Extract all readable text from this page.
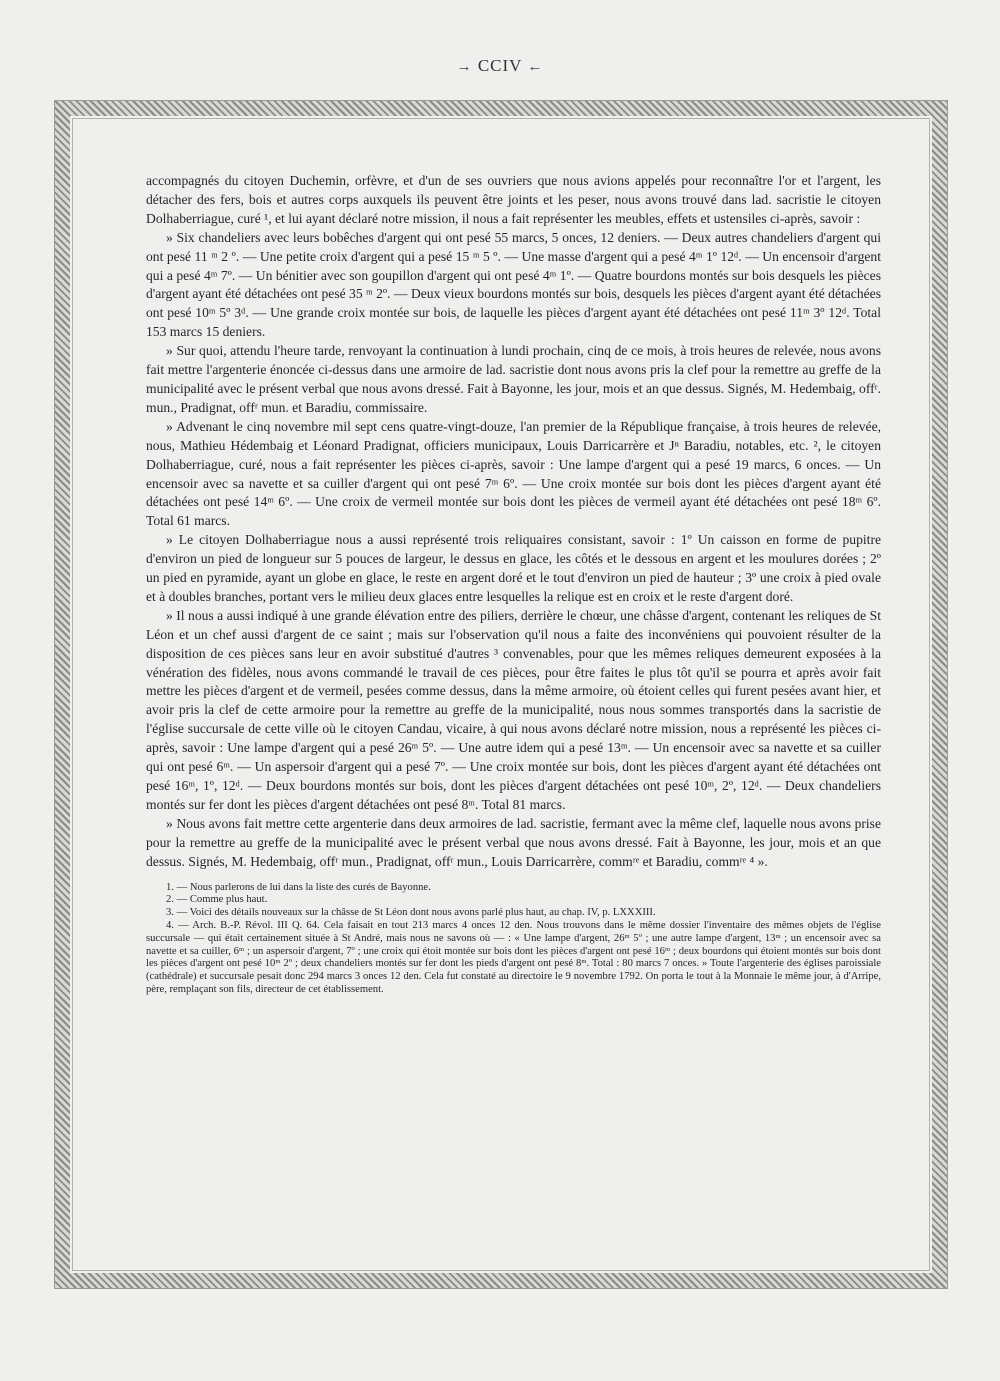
→ CCIV ←

accompagnés du citoyen Duchemin, orfèvre, et d'un de ses ouvriers que nous avions appelés pour reconnaître l'or et l'argent, les détacher des fers, bois et autres corps auxquels ils peuvent être joints et les peser, nous avons trouvé dans lad. sacristie le citoyen Dolhaberriague, curé ¹, et lui ayant déclaré notre mission, il nous a fait représenter les meubles, effets et ustensiles ci-après, savoir :

» Six chandeliers avec leurs bobêches d'argent qui ont pesé 55 marcs, 5 onces, 12 deniers. — Deux autres chandeliers d'argent qui ont pesé 11 ᵐ 2 º. — Une petite croix d'argent qui a pesé 15 ᵐ 5 º. — Une masse d'argent qui a pesé 4ᵐ 1º 12ᵈ. — Un encensoir d'argent qui a pesé 4ᵐ 7º. — Un bénitier avec son goupillon d'argent qui ont pesé 4ᵐ 1º. — Quatre bourdons montés sur bois desquels les pièces d'argent ayant été détachées ont pesé 35 ᵐ 2º. — Deux vieux bourdons montés sur bois, desquels les pièces d'argent ayant été détachées ont pesé 10ᵐ 5º 3ᵈ. — Une grande croix montée sur bois, de laquelle les pièces d'argent ayant été détachées ont pesé 11ᵐ 3º 12ᵈ. Total 153 marcs 15 deniers.

» Sur quoi, attendu l'heure tarde, renvoyant la continuation à lundi prochain, cinq de ce mois, à trois heures de relevée, nous avons fait mettre l'argenterie énoncée ci-dessus dans une armoire de lad. sacristie dont nous avons pris la clef pour la remettre au greffe de la municipalité avec le présent verbal que nous avons dressé. Fait à Bayonne, les jour, mois et an que dessus. Signés, M. Hedembaig, offʳ. mun., Pradignat, offʳ mun. et Baradiu, commissaire.

» Advenant le cinq novembre mil sept cens quatre-vingt-douze, l'an premier de la République française, à trois heures de relevée, nous, Mathieu Hédembaig et Léonard Pradignat, officiers municipaux, Louis Darricarrère et Jⁿ Baradiu, notables, etc. ², le citoyen Dolhaberriague, curé, nous a fait représenter les pièces ci-après, savoir : Une lampe d'argent qui a pesé 19 marcs, 6 onces. — Un encensoir avec sa navette et sa cuiller d'argent qui ont pesé 7ᵐ 6º. — Une croix montée sur bois dont les pièces d'argent ayant été détachées ont pesé 14ᵐ 6º. — Une croix de vermeil montée sur bois dont les pièces de vermeil ayant été détachées ont pesé 18ᵐ 6º. Total 61 marcs.

» Le citoyen Dolhaberriague nous a aussi représenté trois reliquaires consistant, savoir : 1º Un caisson en forme de pupitre d'environ un pied de longueur sur 5 pouces de largeur, le dessus en glace, les côtés et le dessous en argent et les moulures dorées ; 2º un pied en pyramide, ayant un globe en glace, le reste en argent doré et le tout d'environ un pied de hauteur ; 3º une croix à pied ovale et à doubles branches, portant vers le milieu deux glaces entre lesquelles la relique est en croix et le reste d'argent doré.

» Il nous a aussi indiqué à une grande élévation entre des piliers, derrière le chœur, une châsse d'argent, contenant les reliques de St Léon et un chef aussi d'argent de ce saint ; mais sur l'observation qu'il nous a faite des inconvéniens qui pouvoient résulter de la disposition de ces pièces sans leur en avoir substitué d'autres ³ convenables, pour que les mêmes reliques demeurent exposées à la vénération des fidèles, nous avons commandé le travail de ces pièces, pour être faites le plus tôt qu'il se pourra et après avoir fait mettre les pièces d'argent et de vermeil, pesées comme dessus, dans la même armoire, où étoient celles qui furent pesées avant hier, et avoir pris la clef de cette armoire pour la remettre au greffe de la municipalité, nous nous sommes transportés dans la sacristie de l'église succursale de cette ville où le citoyen Candau, vicaire, à qui nous avons déclaré notre mission, nous a représenté les pièces ci-après, savoir : Une lampe d'argent qui a pesé 26ᵐ 5º. — Une autre idem qui a pesé 13ᵐ. — Un encensoir avec sa navette et sa cuiller qui ont pesé 6ᵐ. — Un aspersoir d'argent qui a pesé 7º. — Une croix montée sur bois, dont les pièces d'argent ayant été détachées ont pesé 16ᵐ, 1º, 12ᵈ. — Deux bourdons montés sur bois, dont les pièces d'argent détachées ont pesé 10ᵐ, 2º, 12ᵈ. — Deux chandeliers montés sur fer dont les pièces d'argent détachées ont pesé 8ᵐ. Total 81 marcs.

» Nous avons fait mettre cette argenterie dans deux armoires de lad. sacristie, fermant avec la même clef, laquelle nous avons prise pour la remettre au greffe de la municipalité avec le présent verbal que nous avons dressé. Fait à Bayonne, les jour, mois et an que dessus. Signés, M. Hedembaig, offʳ mun., Pradignat, offʳ mun., Louis Darricarrère, commʳᵉ et Baradiu, commʳᵉ ⁴ ».

1. — Nous parlerons de lui dans la liste des curés de Bayonne.

2. — Comme plus haut.

3. — Voici des détails nouveaux sur la châsse de St Léon dont nous avons parlé plus haut, au chap. IV, p. LXXXIII.

4. — Arch. B.-P. Révol. III Q. 64. Cela faisait en tout 213 marcs 4 onces 12 den. Nous trouvons dans le même dossier l'inventaire des mêmes objets de l'église succursale — qui était certainement située à St André, mais nous ne savons où — : « Une lampe d'argent, 26ᵐ 5º ; une autre lampe d'argent, 13ᵐ ; un encensoir avec sa navette et sa cuiller, 6ᵐ ; un aspersoir d'argent, 7º ; une croix qui étoit montée sur bois dont les pièces d'argent ont pesé 16ᵐ ; deux bourdons qui étoient montés sur bois dont les pièces d'argent ont pesé 10ᵐ 2º ; deux chandeliers montés sur fer dont les pieds d'argent ont pesé 8ᵐ. Total : 80 marcs 7 onces. » Toute l'argenterie des églises paroissiale (cathédrale) et succursale pesait donc 294 marcs 3 onces 12 den. Cela fut constaté au directoire le 9 novembre 1792. On porta le tout à la Monnaie le même jour, à d'Arripe, père, remplaçant son fils, directeur de cet établissement.
